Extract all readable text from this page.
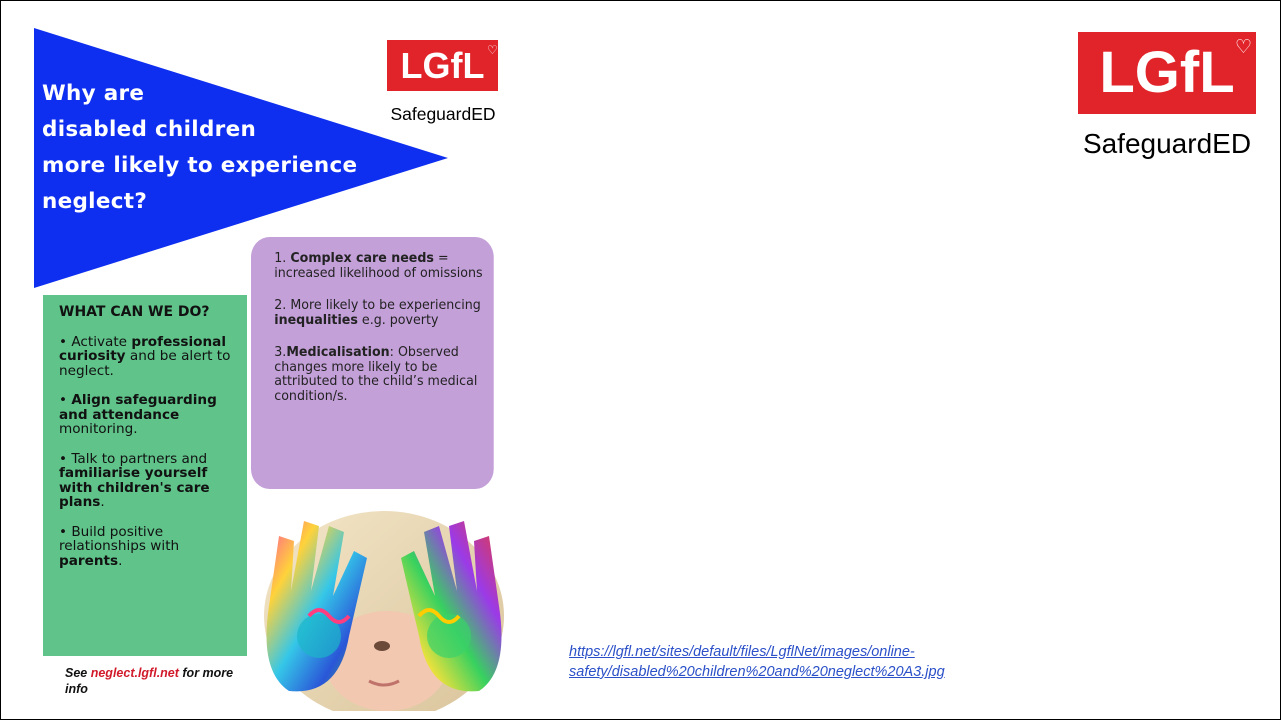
Why are
disabled children
more likely to experience
neglect?
LGfL ♡
SafeguardED

1. Complex care needs = increased likelihood of omissions

2. More likely to be experiencing inequalities e.g. poverty

3.Medicalisation: Observed changes more likely to be attributed to the child’s medical condition/s.

WHAT CAN WE DO?

• Activate professional curiosity and be alert to neglect.

• Align safeguarding and attendance monitoring.

• Talk to partners and familiarise yourself with children's care plans.

• Build positive relationships with parents.

See neglect.lgfl.net for more info
LGfL ♡
SafeguardED
https://lgfl.net/sites/default/files/LgflNet/images/online-
safety/disabled%20children%20and%20neglect%20A3.jpg
